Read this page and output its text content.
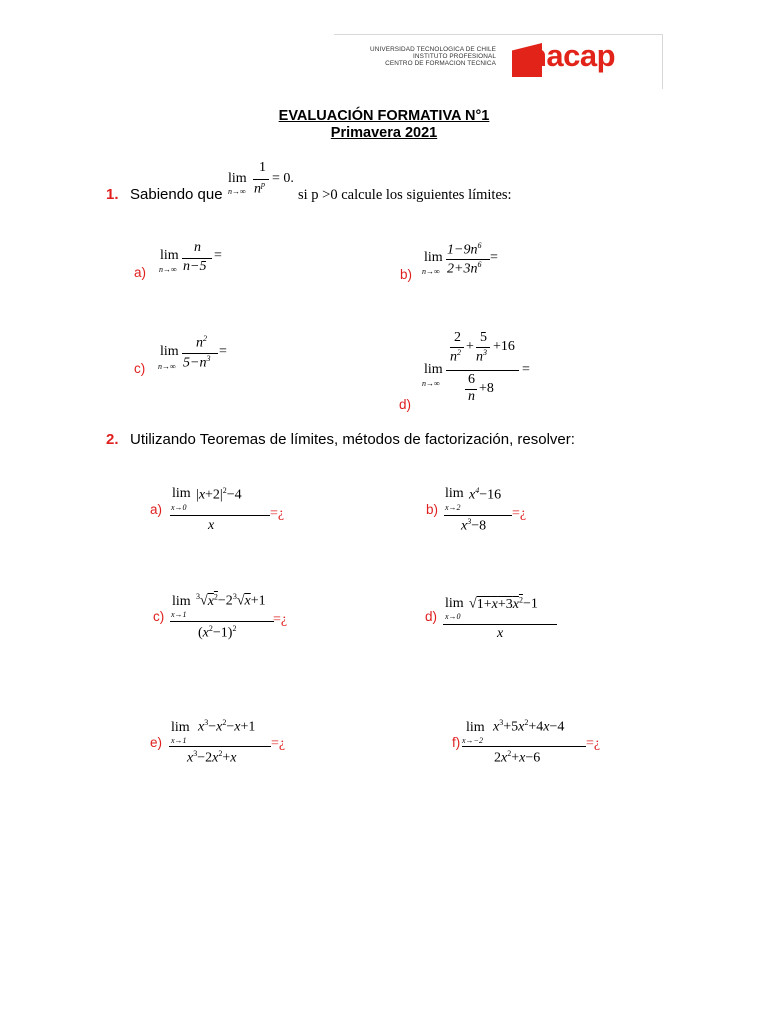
UNIVERSIDAD TECNOLOGICA DE CHILE
INSTITUTO PROFESIONAL
CENTRO DE FORMACION TECNICA nacap
EVALUACIÓN FORMATIVA N°1
Primavera 2021
1. Sabiendo que
lim
n→∞
1
$n^p = 0$.
si p >0 calcule los siguientes límites:
a)
lim
n→∞
n
n−5
=
b)
lim
n→∞
$1-9n^6$
$2+3n^6$ =
c)
lim
n→∞
$n^2$
$5-n^3$ =
d)
lim
n→∞
2
$n^2$ +
5
$n^3 +16$
6
n
+8
=
2. Utilizando Teoremas de límites, métodos de factorización, resolver:
a)
lim
x→0
$|x+2|^2-4$
x
=¿	b)
lim
x→2
$x^4-16$
$x^3-8$
=¿
c)
lim
x→1
$^3√x^2-2^3√x+1$
$(x^2-1)^2$
=¿	d)
lim
x→0
$√1+x+3x^2-1$
x
e)
lim
x→1
$x^3-x^2-x+1$
$x^3-2x^2+x$
=¿	f)
lim
x→−2
$x^3+5x^2+4x-4$
$2x^2+x-6$
=¿
